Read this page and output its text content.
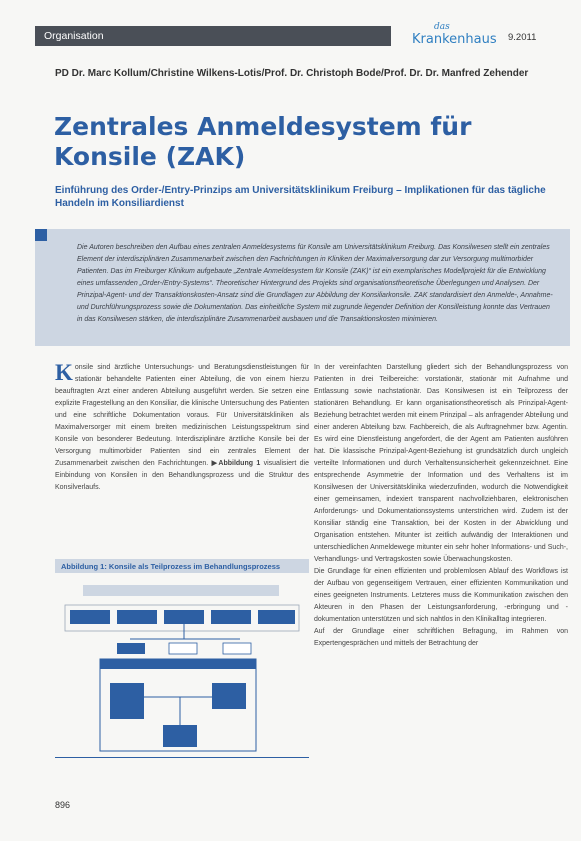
Organisation
das
Krankenhaus 9.2011
PD Dr. Marc Kollum/Christine Wilkens-Lotis/Prof. Dr. Christoph Bode/Prof. Dr. Dr. Manfred Zehender
Zentrales Anmeldesystem für Konsile (ZAK)
Einführung des Order-/Entry-Prinzips am Universitätsklinikum Freiburg – Implikationen für das tägliche Handeln im Konsiliardienst
Die Autoren beschreiben den Aufbau eines zentralen Anmeldesystems für Konsile am Universitätsklinikum Freiburg. Das Konsilwesen stellt ein zentrales Element der interdisziplinären Zusammenarbeit zwischen den Fachrichtungen in Kliniken der Maximalversorgung dar zur Versorgung multimorbider Patienten. Das im Freiburger Klinikum aufgebaute „Zentrale Anmeldesystem für Konsile (ZAK)“ ist ein exemplarisches Modellprojekt für die Entwicklung eines umfassenden „Order-/Entry-Systems“. Theoretischer Hintergrund des Projekts sind organisationstheoretische Überlegungen und Analysen. Der Prinzipal-Agent- und der Transaktionskosten-Ansatz sind die Grundlagen zur Abbildung der Konsiliarkonsile. ZAK standardisiert den Anmelde-, Annahme- und Durchführungsprozess sowie die Dokumentation. Das einheitliche System mit zugrunde liegender Definition der Konsilleistung konnte das Vertrauen in das Konsilwesen stärken, die interdisziplinäre Zusammenarbeit ausbauen und die Transaktionskosten minimieren.
Konsile sind ärztliche Untersuchungs- und Beratungsdienstleistungen für stationär behandelte Patienten einer Abteilung, die von einem hierzu beauftragten Arzt einer anderen Abteilung ausgeführt werden. Sie setzen eine explizite Fragestellung an den Konsiliar, die klinische Untersuchung des Patienten und eine schriftliche Dokumentation voraus. Für Universitätskliniken als Maximalversorger mit einem breiten medizinischen Leistungsspektrum sind Konsile von besonderer Bedeutung. Interdisziplinäre ärztliche Konsile bei der Versorgung multimorbider Patienten sind ein zentrales Element der Zusammenarbeit zwischen den Fachrichtungen. ▶Abbildung 1 visualisiert die Einbindung von Konsilen in den Behandlungsprozess und die Struktur des Konsilverlaufs.
Abbildung 1: Konsile als Teilprozess im Behandlungsprozess
In der vereinfachten Darstellung gliedert sich der Behandlungsprozess von Patienten in drei Teilbereiche: vorstationär, stationär mit Aufnahme und Entlassung sowie nachstationär. Das Konsilwesen ist ein Teilprozess der stationären Behandlung. Er kann organisationstheoretisch als Prinzipal-Agent-Beziehung betrachtet werden mit einem Prinzipal – als anfragender Abteilung und einer anderen Abteilung bzw. Fachbereich, die als Auftragnehmer bzw. Agentin. Es wird eine Dienstleistung angefordert, die der Agent am Patienten ausführen hat. Die klassische Prinzipal-Agent-Beziehung ist grundsätzlich durch ungleich verteilte Informationen und durch Verhaltensunsicherheit gekennzeichnet. Eine entsprechende Asymmetrie der Information und des Verhaltens ist im Konsilwesen der Universitätsklinika wiederzufinden, wodurch die Notwendigkeit einer gemeinsamen, indexiert transparent nachvollziehbaren, elektronischen Anforderungs- und Dokumentationssystems unterstrichen wird. Zudem ist der Konsiliar ständig eine Transaktion, bei der Kosten in der Abwicklung und Organisation entstehen. Mitunter ist zeitlich aufwändig der Interaktionen und unterschiedlichen Anmeldewege mitunter ein sehr hoher Informations- und Such-, Verhandlungs- und Vertragskosten sowie Überwachungskosten.
Die Grundlage für einen effizienten und problemlosen Ablauf des Workflows ist der Aufbau von gegenseitigem Vertrauen, einer effizienten Kommunikation und eines geeigneten Instruments. Letzteres muss die Kommunikation zwischen den Akteuren in den Phasen der Leistungsanforderung, -erbringung und -dokumentation unterstützen und sich nahtlos in den Klinikalltag integrieren.
Auf der Grundlage einer schriftlichen Befragung, im Rahmen von Expertengesprächen und mittels der Betrachtung der
896
